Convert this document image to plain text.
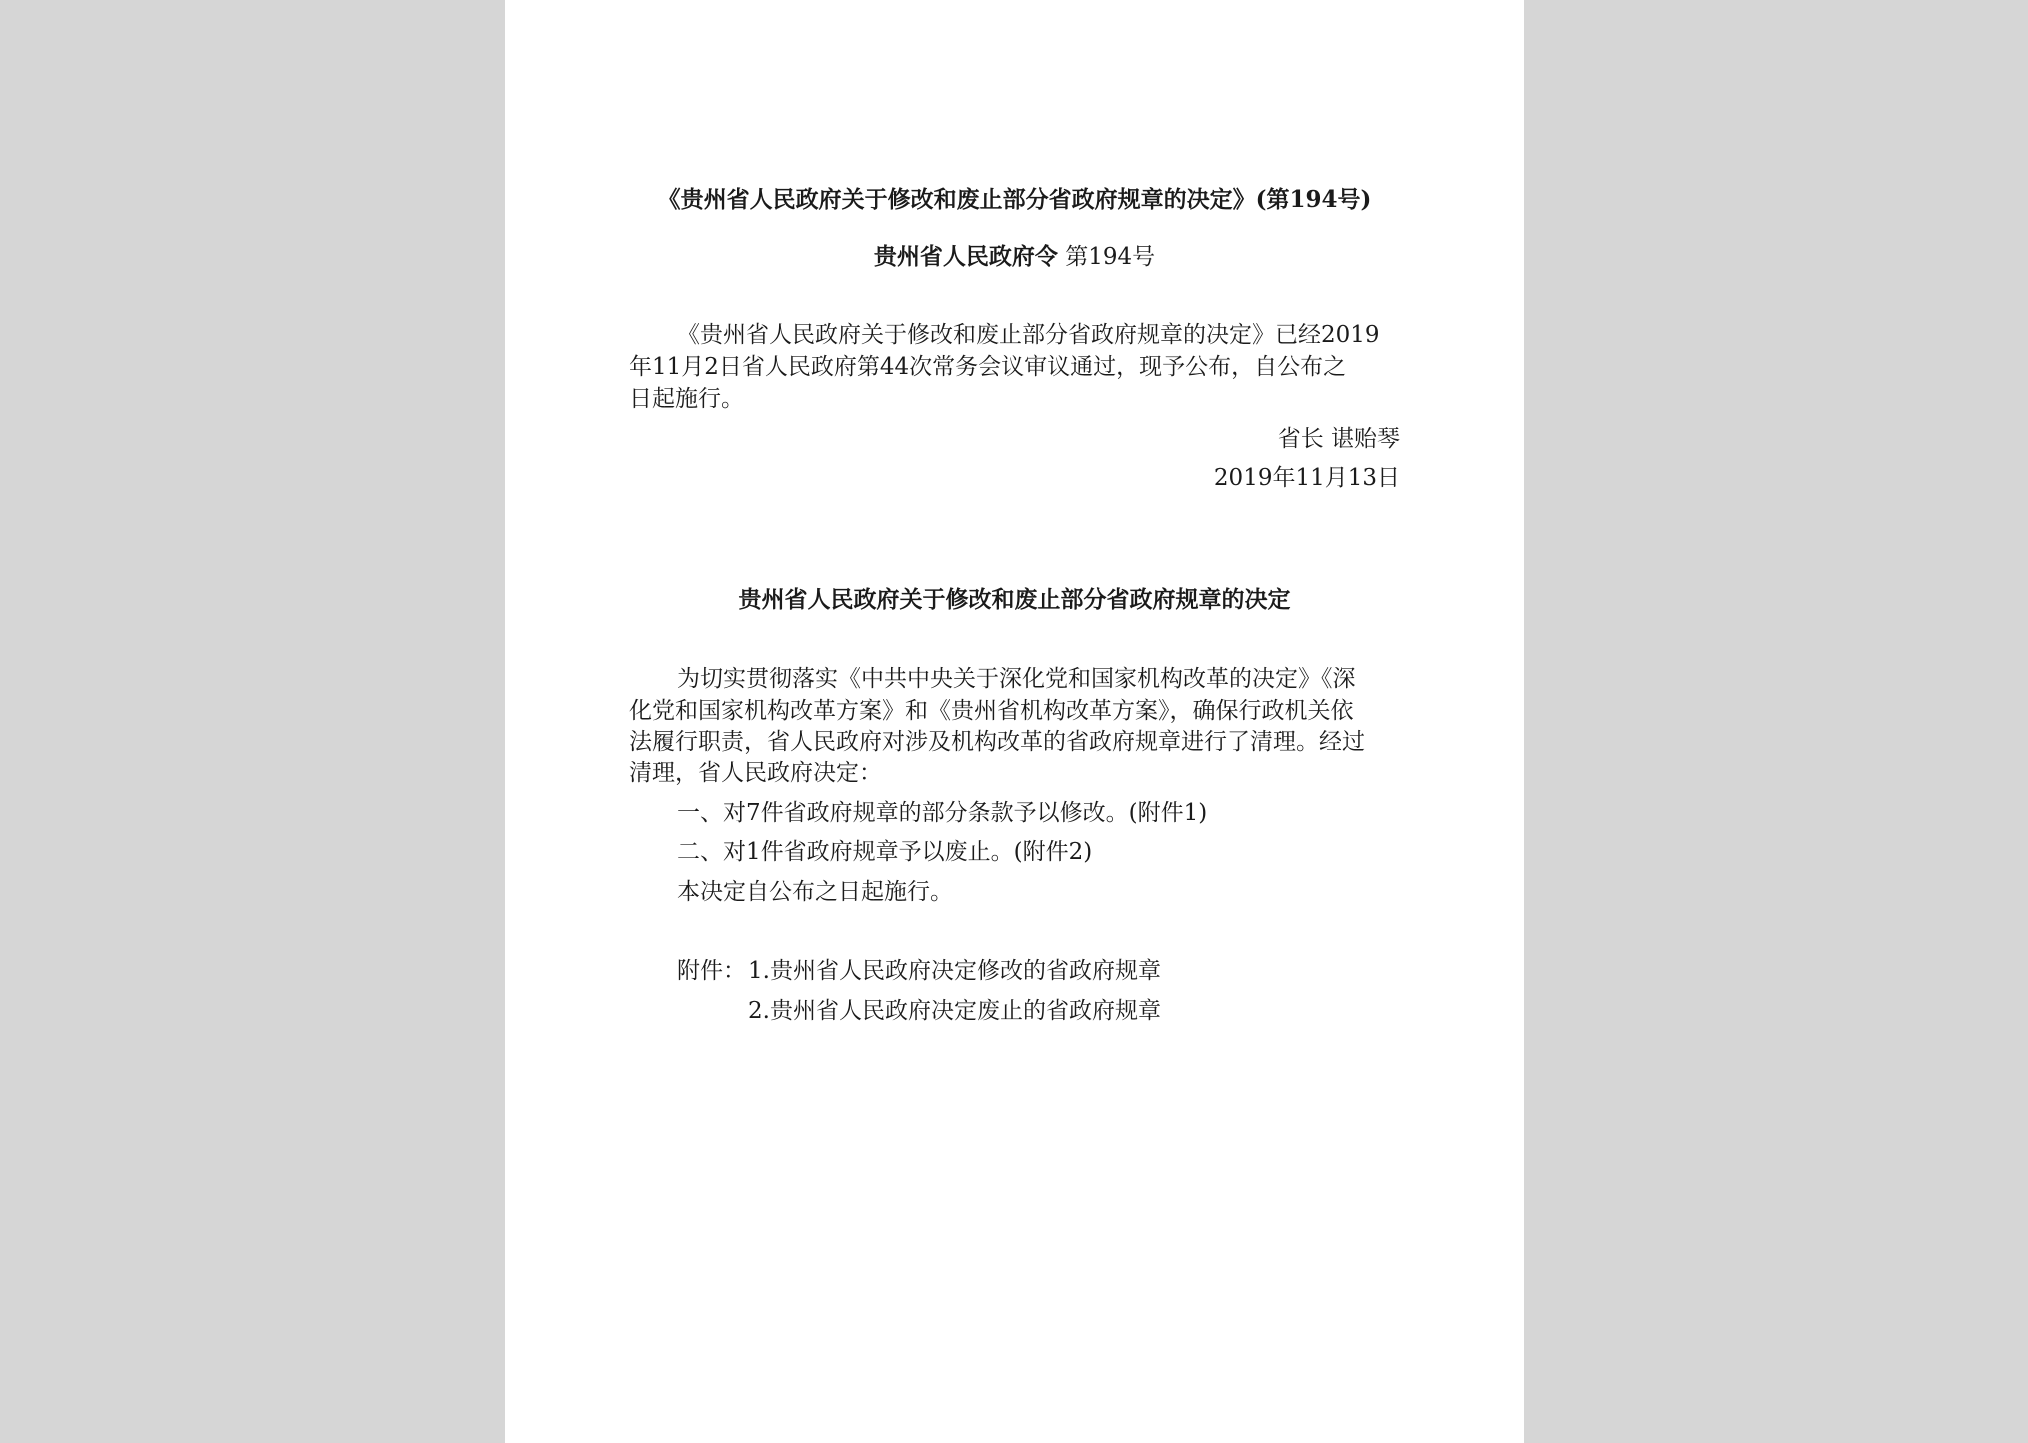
《贵州省人民政府关于修改和废止部分省政府规章的决定》(第194号)
贵州省人民政府令 第194号
《贵州省人民政府关于修改和废止部分省政府规章的决定》已经2019
年11月2日省人民政府第44次常务会议审议通过，现予公布，自公布之
日起施行。
省长 谌贻琴
2019年11月13日
贵州省人民政府关于修改和废止部分省政府规章的决定
为切实贯彻落实《中共中央关于深化党和国家机构改革的决定》《深
化党和国家机构改革方案》和《贵州省机构改革方案》，确保行政机关依
法履行职责，省人民政府对涉及机构改革的省政府规章进行了清理。经过
清理，省人民政府决定：
一、对7件省政府规章的部分条款予以修改。(附件1)
二、对1件省政府规章予以废止。(附件2)
本决定自公布之日起施行。
附件： 1.贵州省人民政府决定修改的省政府规章
2.贵州省人民政府决定废止的省政府规章
